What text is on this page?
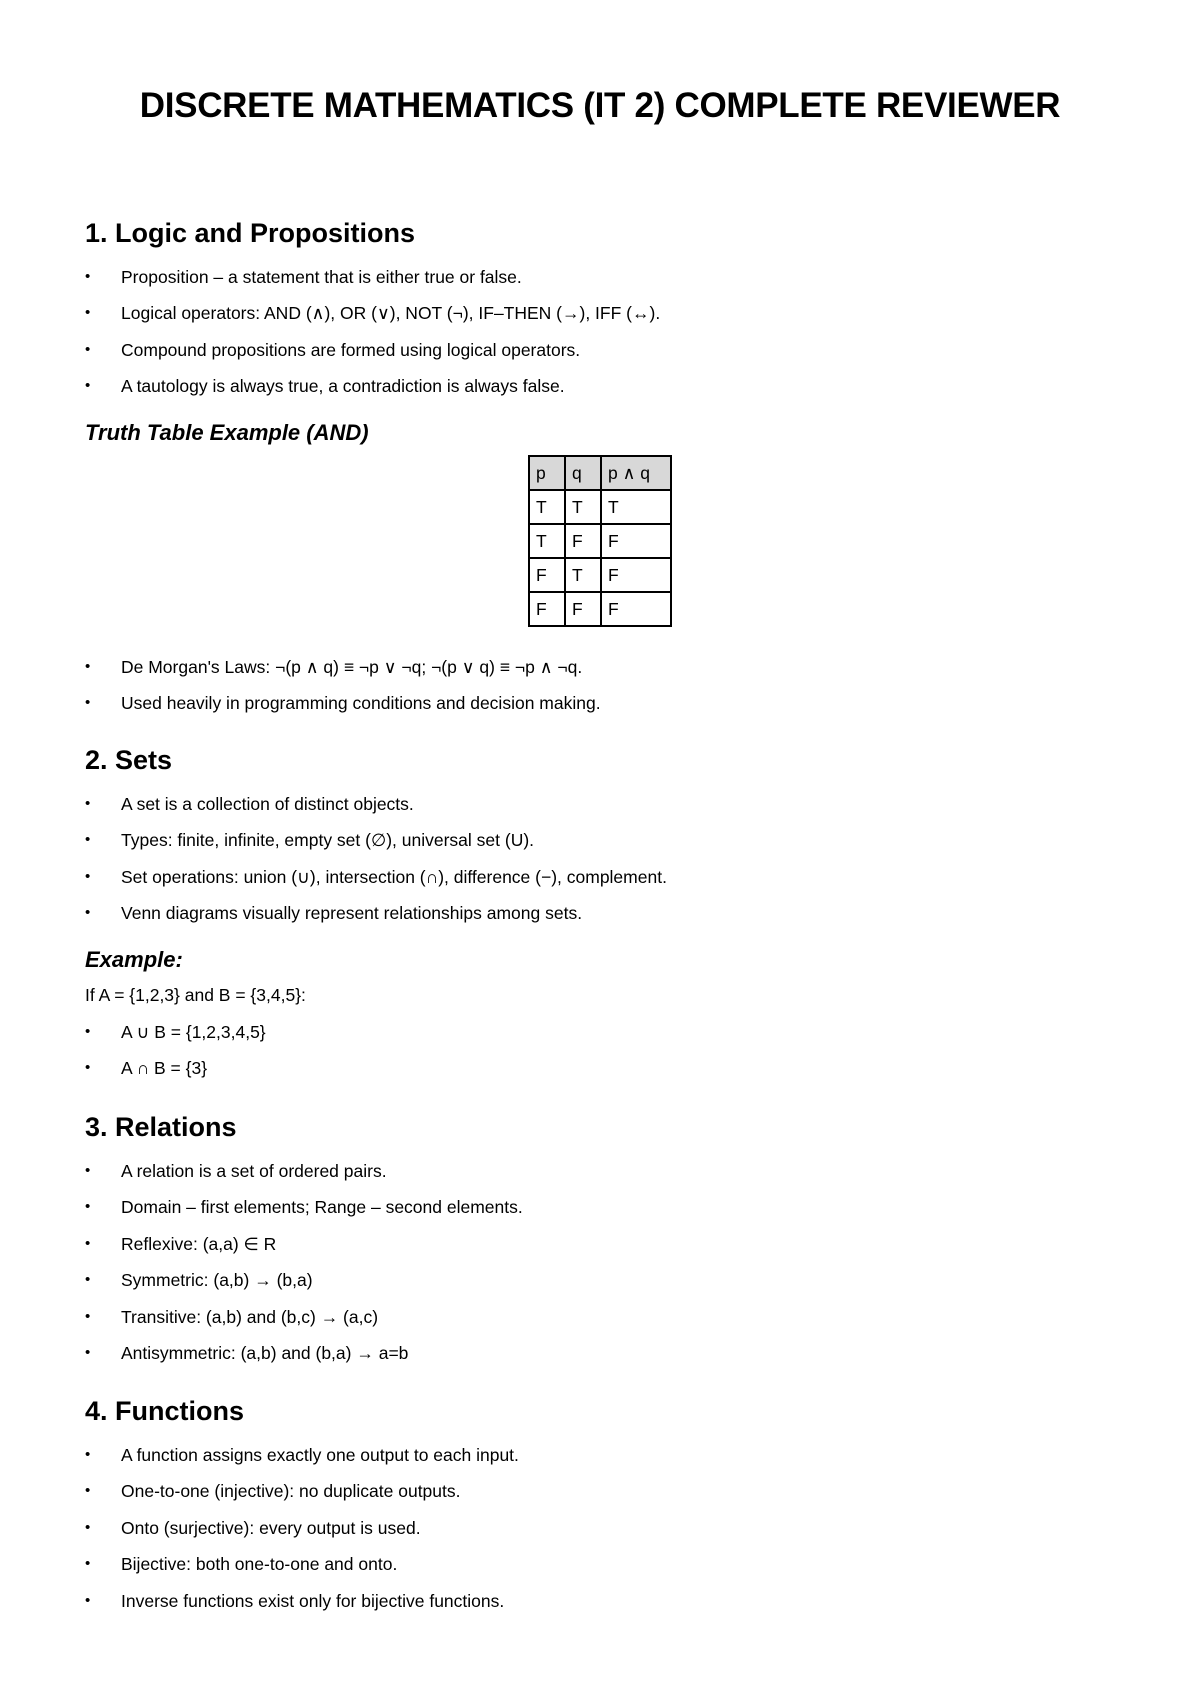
DISCRETE MATHEMATICS (IT 2) COMPLETE REVIEWER
1. Logic and Propositions
•	Proposition – a statement that is either true or false.
•	Logical operators: AND (∧), OR (∨), NOT (¬), IF–THEN (→), IFF (↔).
•	Compound propositions are formed using logical operators.
•	A tautology is always true, a contradiction is always false.
Truth Table Example (AND)
p	q	p ∧ q
T	T	T
T	F	F
F	T	F
F	F	F
•	De Morgan's Laws: ¬(p ∧ q) ≡ ¬p ∨ ¬q; ¬(p ∨ q) ≡ ¬p ∧ ¬q.
•	Used heavily in programming conditions and decision making.
2. Sets
•	A set is a collection of distinct objects.
•	Types: finite, infinite, empty set (∅), universal set (U).
•	Set operations: union (∪), intersection (∩), difference (−), complement.
•	Venn diagrams visually represent relationships among sets.
Example:
If A = {1,2,3} and B = {3,4,5}:
•	A ∪ B = {1,2,3,4,5}
•	A ∩ B = {3}
3. Relations
•	A relation is a set of ordered pairs.
•	Domain – first elements; Range – second elements.
•	Reflexive: (a,a) ∈ R
•	Symmetric: (a,b) → (b,a)
•	Transitive: (a,b) and (b,c) → (a,c)
•	Antisymmetric: (a,b) and (b,a) → a=b
4. Functions
•	A function assigns exactly one output to each input.
•	One-to-one (injective): no duplicate outputs.
•	Onto (surjective): every output is used.
•	Bijective: both one-to-one and onto.
•	Inverse functions exist only for bijective functions.
